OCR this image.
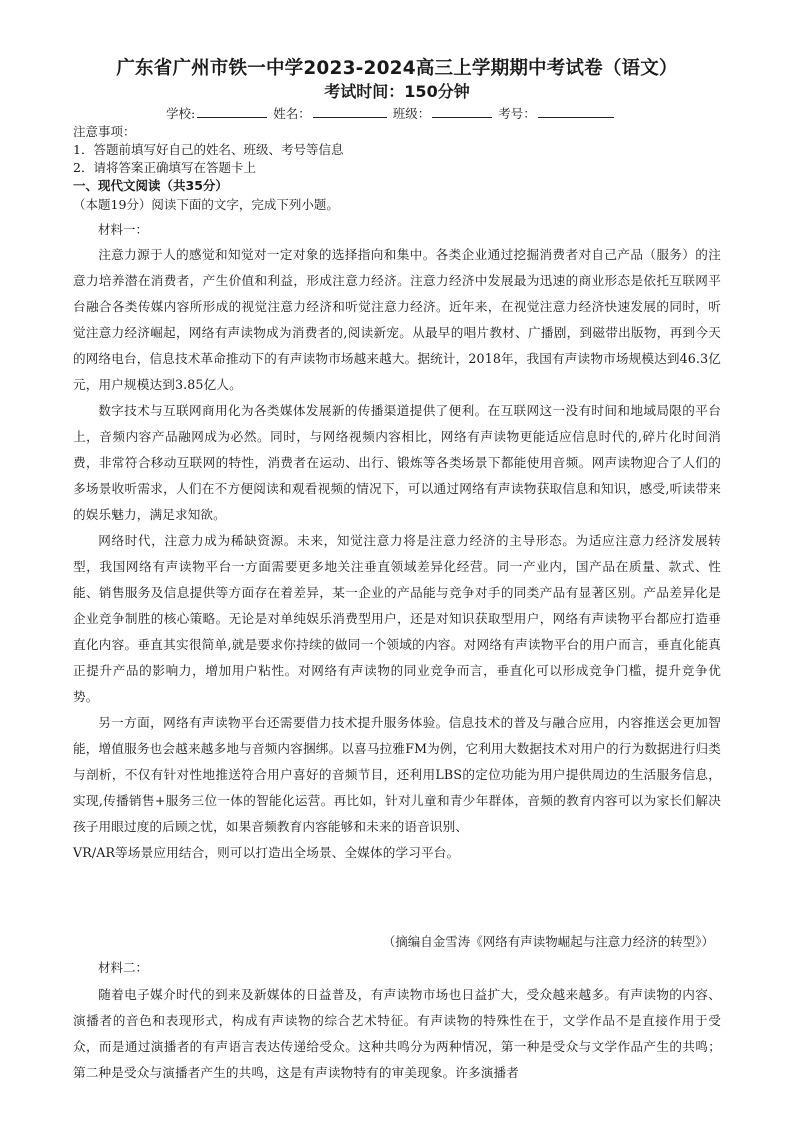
广东省广州市铁一中学2023-2024高三上学期期中考试卷（语文）
考试时间：150分钟
学校:	姓名：	班级：	考号：
注意事项：
1．答题前填写好自己的姓名、班级、考号等信息
2．请将答案正确填写在答题卡上
一、现代文阅读（共35分）
（本题19分）阅读下面的文字，完成下列小题。
材料一：

注意力源于人的感觉和知觉对一定对象的选择指向和集中。各类企业通过挖掘消费者对自己产品（服务）的注意力培养潜在消费者，产生价值和利益，形成注意力经济。注意力经济中发展最为迅速的商业形态是依托互联网平台融合各类传媒内容所形成的视觉注意力经济和听觉注意力经济。近年来，在视觉注意力经济快速发展的同时，听觉注意力经济崛起，网络有声读物成为消费者的,阅读新宠。从最早的唱片教材、广播剧，到磁带出版物，再到今天的网络电台，信息技术革命推动下的有声读物市场越来越大。据统计，2018年，我国有声读物市场规模达到46.3亿元，用户规模达到3.85亿人。

数字技术与互联网商用化为各类媒体发展新的传播渠道提供了便利。在互联网这一没有时间和地域局限的平台上，音频内容产品融网成为必然。同时，与网络视频内容相比，网络有声读物更能适应信息时代的,碎片化时间消费，非常符合移动互联网的特性，消费者在运动、出行、锻炼等各类场景下都能使用音频。网声读物迎合了人们的多场景收听需求，人们在不方便阅读和观看视频的情况下，可以通过网络有声读物获取信息和知识，感受,听读带来的娱乐魅力，满足求知欲。

网络时代，注意力成为稀缺资源。未来，知觉注意力将是注意力经济的主导形态。为适应注意力经济发展转型，我国网络有声读物平台一方面需要更多地关注垂直领域差异化经营。同一产业内，国产品在质量、款式、性能、销售服务及信息提供等方面存在着差异，某一企业的产品能与竞争对手的同类产品有显著区别。产品差异化是企业竞争制胜的核心策略。无论是对单纯娱乐消费型用户，还是对知识获取型用户，网络有声读物平台都应打造垂直化内容。垂直其实很简单,就是要求你持续的做同一个领域的内容。对网络有声读物平台的用户而言，垂直化能真正提升产品的影响力，增加用户粘性。对网络有声读物的同业竞争而言，垂直化可以形成竞争门槛，提升竞争优势。

另一方面，网络有声读物平台还需要借力技术提升服务体验。信息技术的普及与融合应用，内容推送会更加智能，增值服务也会越来越多地与音频内容捆绑。以喜马拉雅FM为例，它利用大数据技术对用户的行为数据进行归类与剖析，不仅有针对性地推送符合用户喜好的音频节目，还利用LBS的定位功能为用户提供周边的生活服务信息，实现,传播销售+服务三位一体的智能化运营。再比如，针对儿童和青少年群体，音频的教育内容可以为家长们解决孩子用眼过度的后顾之忧，如果音频教育内容能够和未来的语音识别、

VR/AR等场景应用结合，则可以打造出全场景、全媒体的学习平台。

（摘编自金雪涛《网络有声读物崛起与注意力经济的转型》）
材料二：

随着电子媒介时代的到来及新媒体的日益普及，有声读物市场也日益扩大，受众越来越多。有声读物的内容、演播者的音色和表现形式，构成有声读物的综合艺术特征。有声读物的特殊性在于，文学作品不是直接作用于受众，而是通过演播者的有声语言表达传递给受众。这种共鸣分为两种情况，第一种是受众与文学作品产生的共鸣；第二种是受众与演播者产生的共鸣，这是有声读物特有的审美现象。许多演播者
